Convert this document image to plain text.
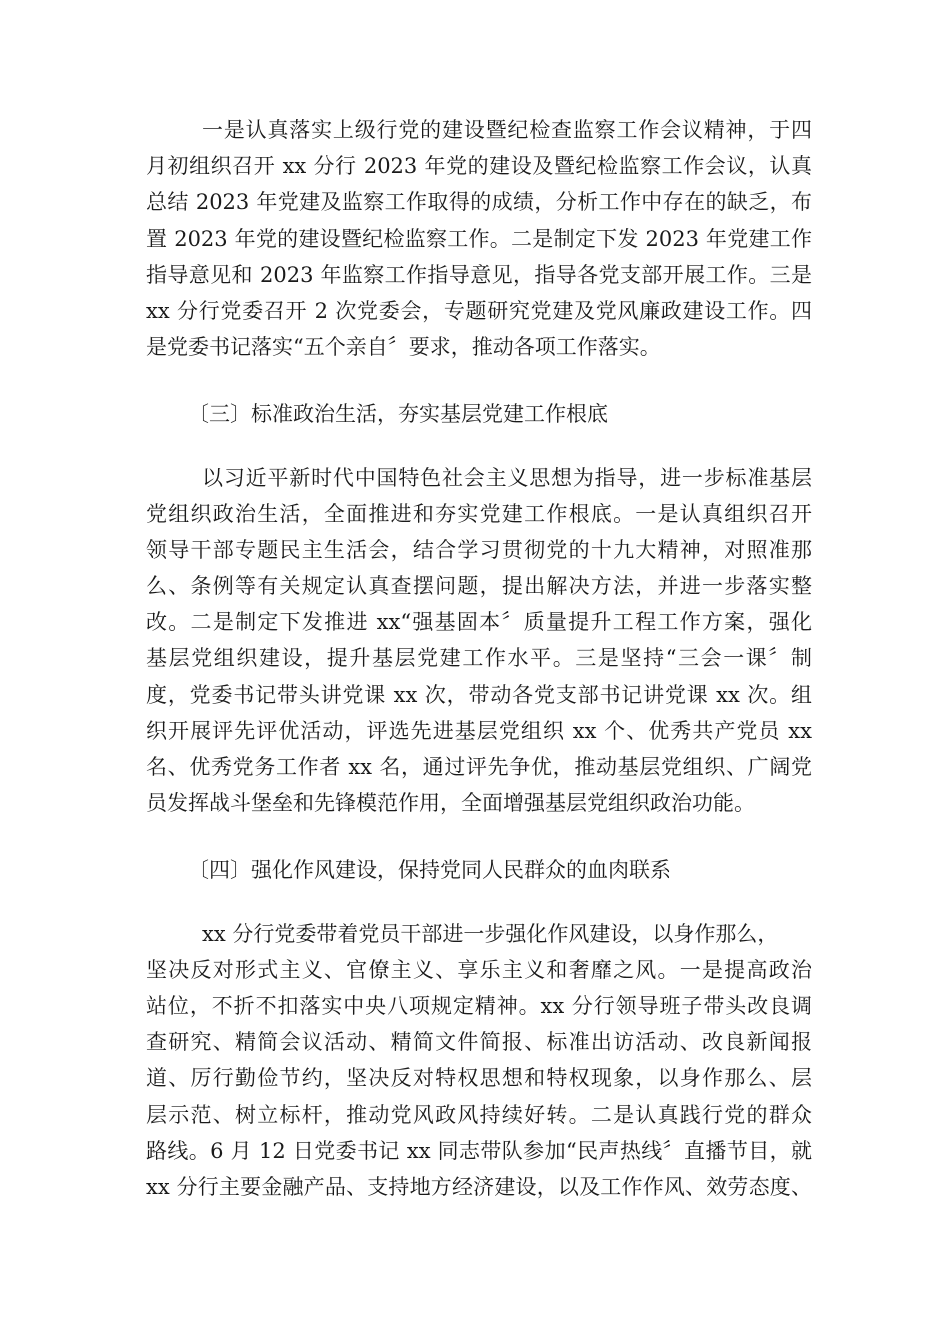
一是认真落实上级行党的建设暨纪检查监察工作会议精神，于四
月初组织召开 xx 分行 2023 年党的建设及暨纪检监察工作会议，认真
总结 2023 年党建及监察工作取得的成绩，分析工作中存在的缺乏，布
置 2023 年党的建设暨纪检监察工作。二是制定下发 2023 年党建工作
指导意见和 2023 年监察工作指导意见，指导各党支部开展工作。三是
xx 分行党委召开 2 次党委会，专题研究党建及党风廉政建设工作。四
是党委书记落实“五个亲自〞要求，推动各项工作落实。
〔三〕标准政治生活，夯实基层党建工作根底
以习近平新时代中国特色社会主义思想为指导，进一步标准基层
党组织政治生活，全面推进和夯实党建工作根底。一是认真组织召开
领导干部专题民主生活会，结合学习贯彻党的十九大精神，对照准那
么、条例等有关规定认真查摆问题，提出解决方法，并进一步落实整
改。二是制定下发推进 xx“强基固本〞质量提升工程工作方案，强化
基层党组织建设，提升基层党建工作水平。三是坚持“三会一课〞制
度，党委书记带头讲党课 xx 次，带动各党支部书记讲党课 xx 次。组
织开展评先评优活动，评选先进基层党组织 xx 个、优秀共产党员 xx
名、优秀党务工作者 xx 名，通过评先争优，推动基层党组织、广阔党
员发挥战斗堡垒和先锋模范作用，全面增强基层党组织政治功能。
〔四〕强化作风建设，保持党同人民群众的血肉联系
xx 分行党委带着党员干部进一步强化作风建设，以身作那么，
坚决反对形式主义、官僚主义、享乐主义和奢靡之风。一是提高政治
站位，不折不扣落实中央八项规定精神。xx 分行领导班子带头改良调
查研究、精简会议活动、精简文件简报、标准出访活动、改良新闻报
道、厉行勤俭节约，坚决反对特权思想和特权现象，以身作那么、层
层示范、树立标杆，推动党风政风持续好转。二是认真践行党的群众
路线。6 月 12 日党委书记 xx 同志带队参加“民声热线〞直播节目，就
xx 分行主要金融产品、支持地方经济建设，以及工作作风、效劳态度、
